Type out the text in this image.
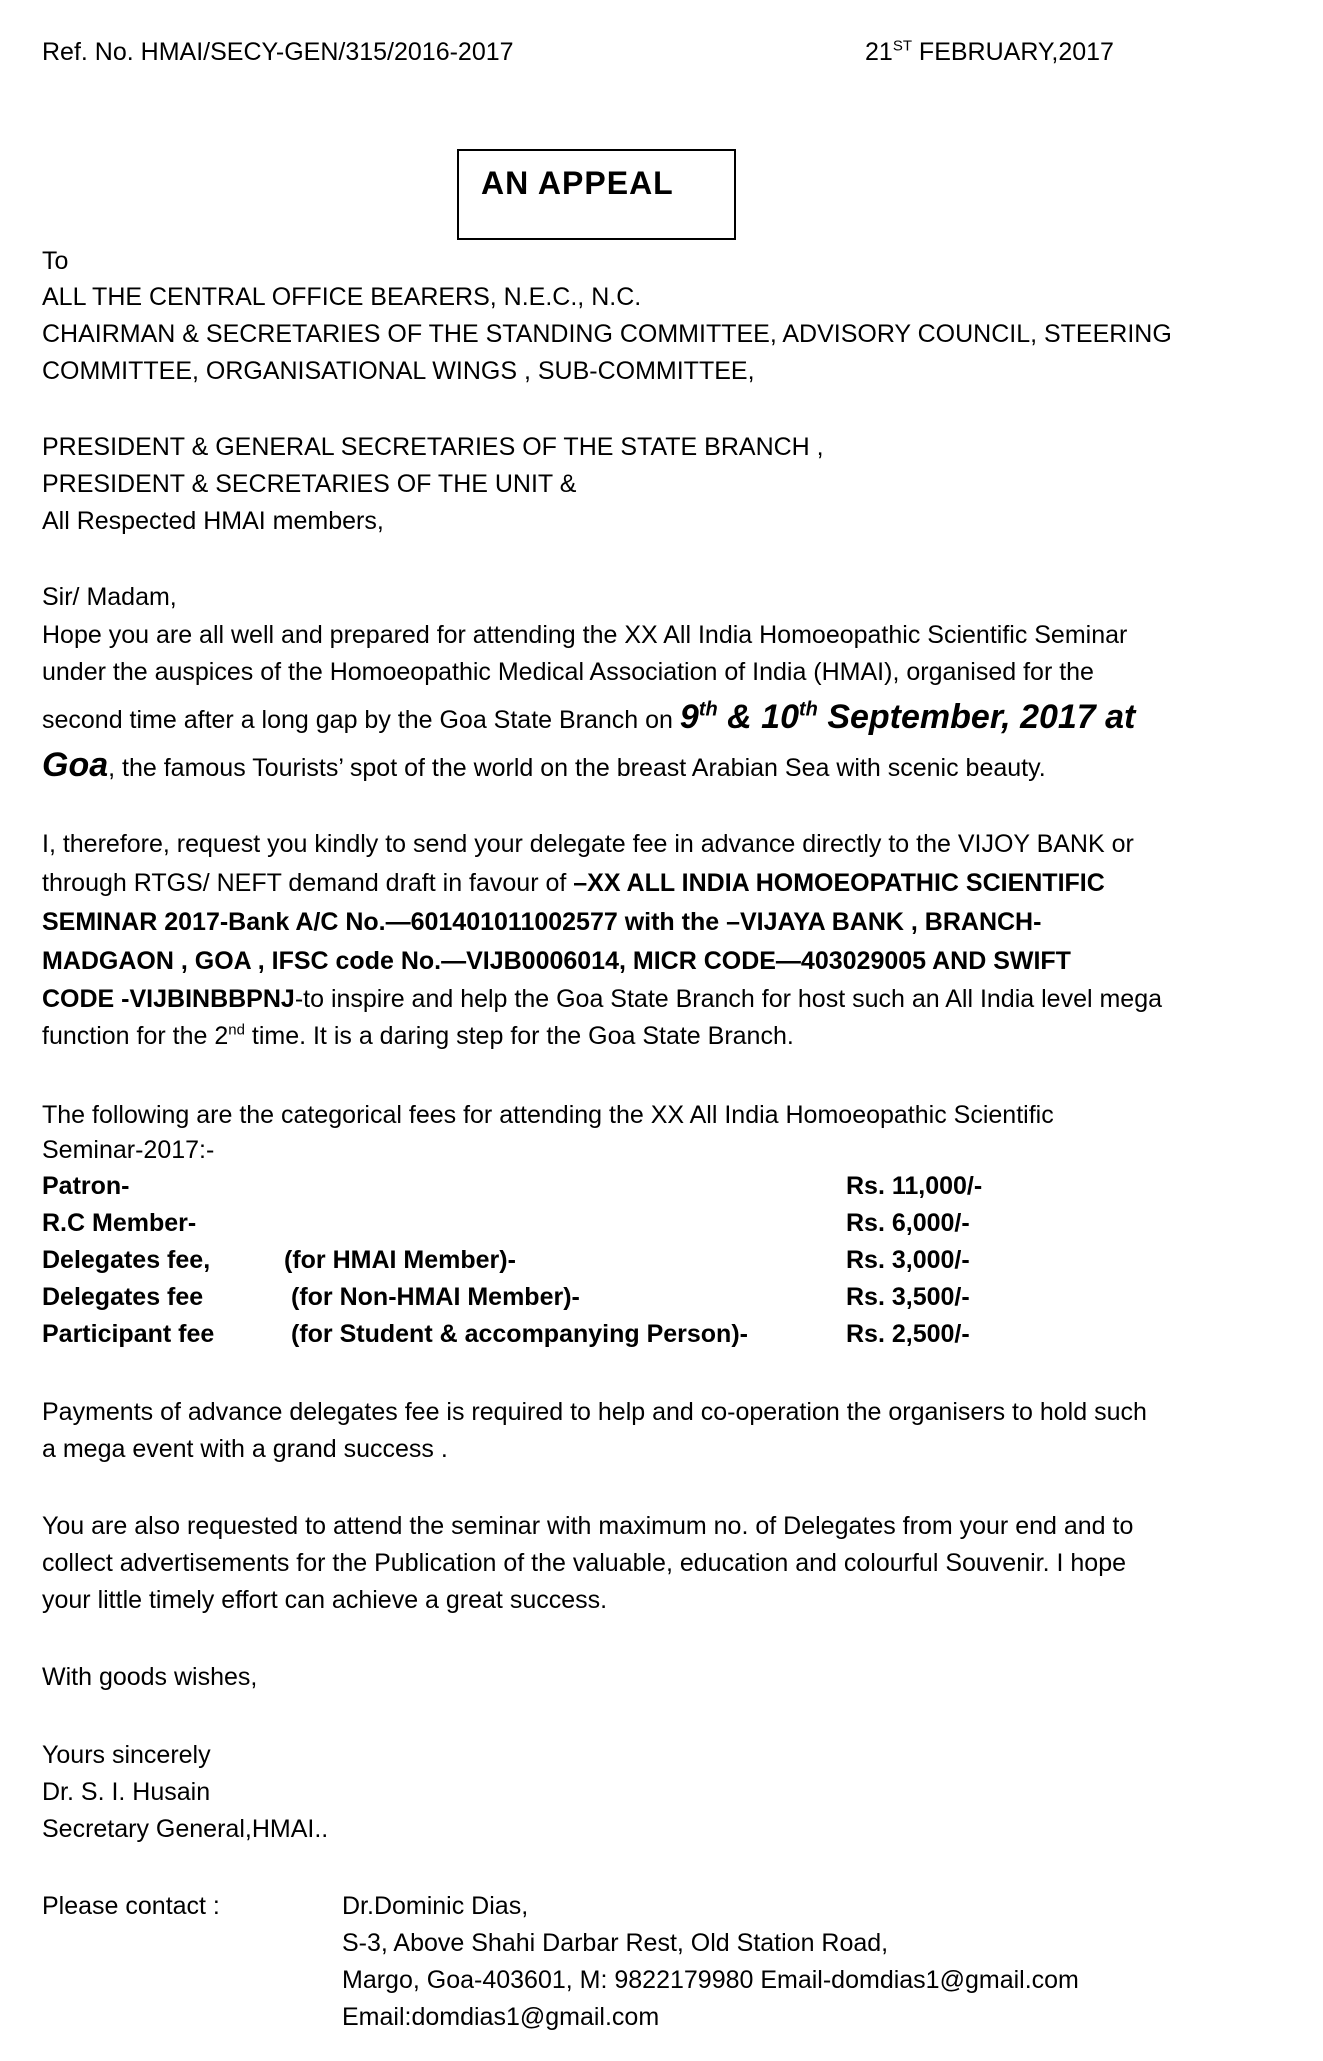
Ref. No. HMAI/SECY-GEN/315/2016-2017	21ST FEBRUARY,2017
AN APPEAL
To
ALL THE CENTRAL OFFICE BEARERS, N.E.C., N.C.
CHAIRMAN & SECRETARIES OF THE STANDING COMMITTEE, ADVISORY COUNCIL, STEERING
COMMITTEE, ORGANISATIONAL WINGS , SUB-COMMITTEE,
PRESIDENT & GENERAL SECRETARIES OF THE STATE BRANCH ,
PRESIDENT & SECRETARIES OF THE UNIT &
All Respected HMAI members,
Sir/ Madam,
Hope you are all well and prepared for attending the XX All India Homoeopathic Scientific Seminar
under the auspices of the Homoeopathic Medical Association of India (HMAI), organised for the
second time after a long gap by the Goa State Branch on 9th & 10th September, 2017 at
Goa, the famous Tourists’ spot of the world on the breast Arabian Sea with scenic beauty.
I, therefore, request you kindly to send your delegate fee in advance directly to the VIJOY BANK or
through RTGS/ NEFT demand draft in favour of –XX ALL INDIA HOMOEOPATHIC SCIENTIFIC
SEMINAR 2017-Bank A/C No.—601401011002577 with the –VIJAYA BANK , BRANCH-
MADGAON , GOA , IFSC code No.—VIJB0006014, MICR CODE—403029005 AND SWIFT
CODE -VIJBINBBPNJ-to inspire and help the Goa State Branch for host such an All India level mega
function for the 2nd time. It is a daring step for the Goa State Branch.
The following are the categorical fees for attending the XX All India Homoeopathic Scientific
Seminar-2017:-
Patron-	Rs. 11,000/-
R.C Member-	Rs. 6,000/-
Delegates fee,	(for HMAI Member)-	Rs. 3,000/-
Delegates fee	(for Non-HMAI Member)-	Rs. 3,500/-
Participant fee	(for Student & accompanying Person)-	Rs. 2,500/-
Payments of advance delegates fee is required to help and co-operation the organisers to hold such
a mega event with a grand success .
You are also requested to attend the seminar with maximum no. of Delegates from your end and to
collect advertisements for the Publication of the valuable, education and colourful Souvenir. I hope
your little timely effort can achieve a great success.
With goods wishes,
Yours sincerely
Dr. S. I. Husain
Secretary General,HMAI..
Please contact :	Dr.Dominic Dias,
S-3, Above Shahi Darbar Rest, Old Station Road,
Margo, Goa-403601, M: 9822179980 Email-domdias1@gmail.com
Email:domdias1@gmail.com
